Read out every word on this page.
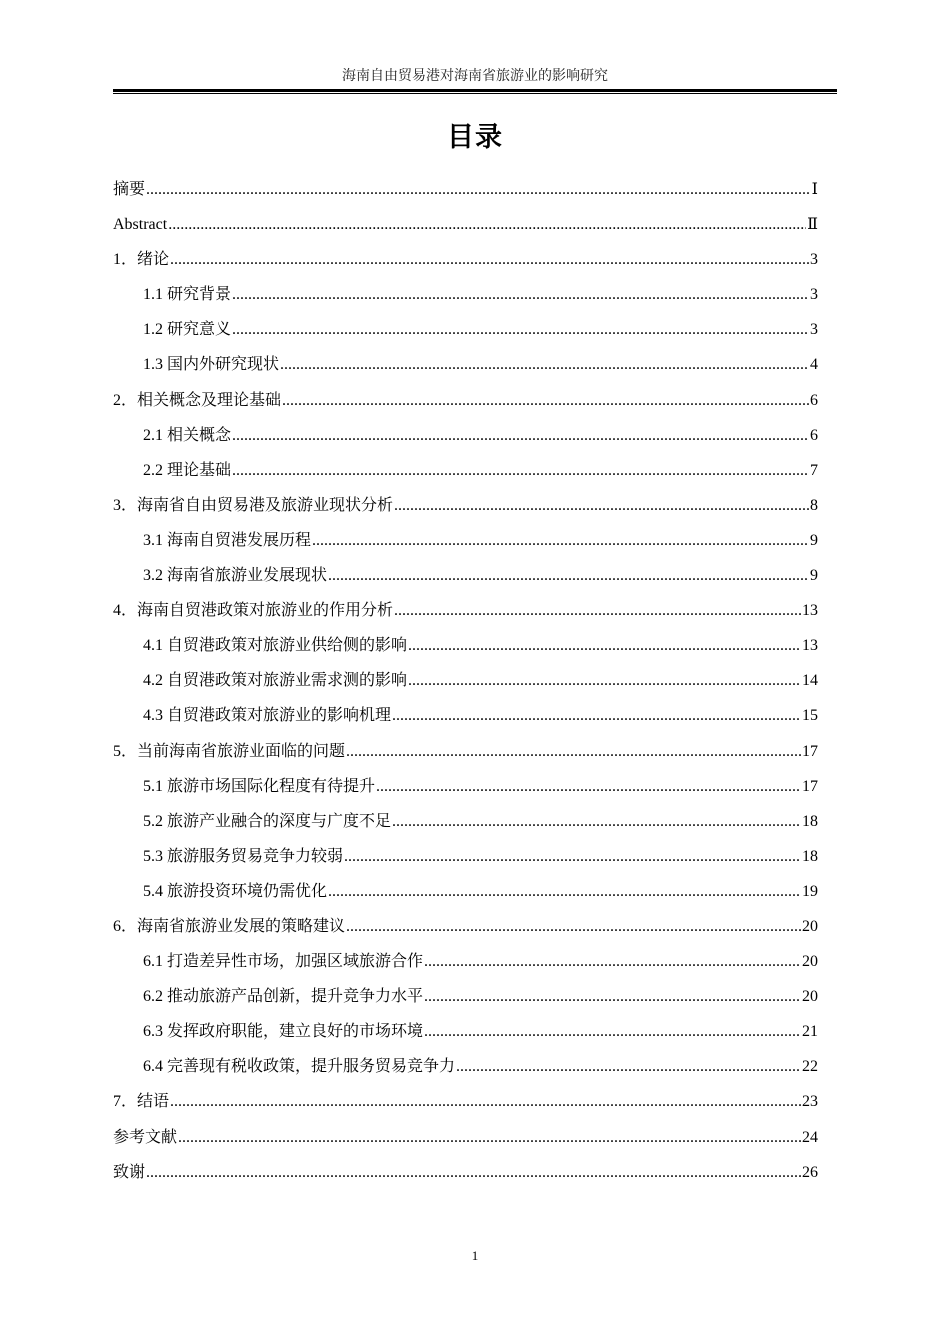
海南自由贸易港对海南省旅游业的影响研究
目录
摘要 .....	Ⅰ
Abstract .....	Ⅱ
1．绪论 .....	3
1.1 研究背景 .....	3
1.2 研究意义 .....	3
1.3 国内外研究现状 .....	4
2．相关概念及理论基础 .....	6
2.1 相关概念 .....	6
2.2 理论基础 .....	7
3．海南省自由贸易港及旅游业现状分析 .....	8
3.1 海南自贸港发展历程 .....	9
3.2 海南省旅游业发展现状 .....	9
4．海南自贸港政策对旅游业的作用分析 .....	13
4.1 自贸港政策对旅游业供给侧的影响 .....	13
4.2 自贸港政策对旅游业需求测的影响 .....	14
4.3 自贸港政策对旅游业的影响机理 .....	15
5．当前海南省旅游业面临的问题 .....	17
5.1 旅游市场国际化程度有待提升 .....	17
5.2 旅游产业融合的深度与广度不足 .....	18
5.3 旅游服务贸易竞争力较弱 .....	18
5.4 旅游投资环境仍需优化 .....	19
6．海南省旅游业发展的策略建议 .....	20
6.1 打造差异性市场，加强区域旅游合作 .....	20
6.2 推动旅游产品创新，提升竞争力水平 .....	20
6.3 发挥政府职能，建立良好的市场环境 .....	21
6.4 完善现有税收政策，提升服务贸易竞争力 .....	22
7．结语 .....	23
参考文献 .....	24
致谢 .....	26
1
